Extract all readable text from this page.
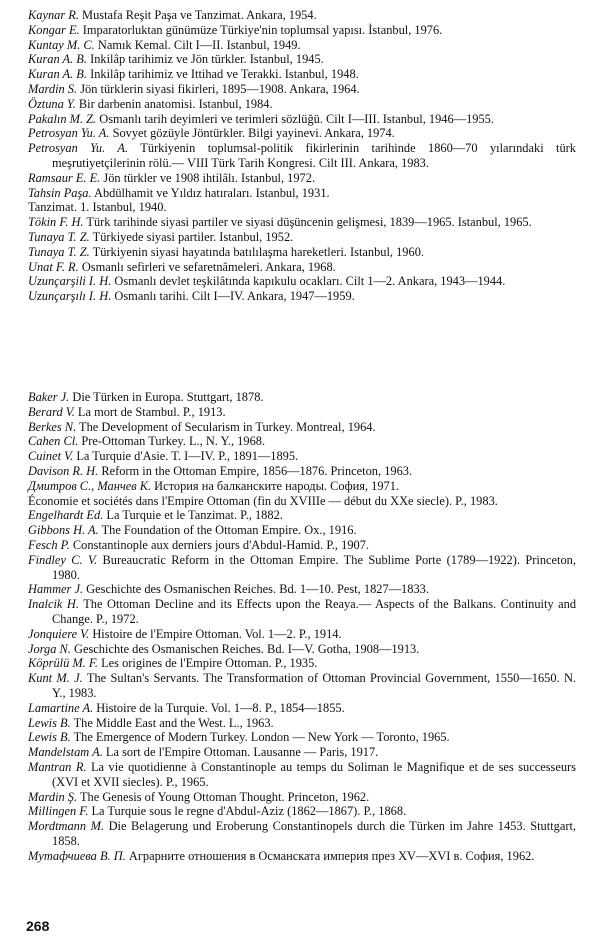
Kaynar R. Mustafa Reşit Paşa ve Tanzimat. Ankara, 1954.
Kongar E. Imparatorluktan günümüze Türkiye'nin toplumsal yapısı. İstanbul, 1976.
Kuntay M. C. Namık Kemal. Cilt I—II. Istanbul, 1949.
Kuran A. B. Inkilâp tarihimiz ve Jön türkler. Istanbul, 1945.
Kuran A. B. Inkilâp tarihimiz ve Ittihad ve Terakki. Istanbul, 1948.
Mardin S. Jön türklerin siyasi fikirleri, 1895—1908. Ankara, 1964.
Öztuna Y. Bir darbenin anatomisi. Istanbul, 1984.
Pakalın M. Z. Osmanlı tarih deyimleri ve terimleri sözlüğü. Cilt I—III. Istanbul, 1946—1955.
Petrosyan Yu. A. Sovyet gözüyle Jöntürkler. Bilgi yayinevi. Ankara, 1974.
Petrosyan Yu. A. Türkiyenin toplumsal-politik fikirlerinin tarihinde 1860—70 yılarındaki türk meşrutiyetçilerinin rölü.— VIII Türk Tarih Kongresi. Cilt III. Ankara, 1983.
Ramsaur E. E. Jön türkler ve 1908 ihtilâlı. Istanbul, 1972.
Tahsin Paşa. Abdülhamit ve Yıldız hatıraları. Istanbul, 1931.
Tanzimat. 1. Istanbul, 1940.
Tökin F. H. Türk tarihinde siyasi partiler ve siyasi düşüncenin gelişmesi, 1839—1965. Istanbul, 1965.
Tunaya T. Z. Türkiyede siyasi partiler. Istanbul, 1952.
Tunaya T. Z. Türkiyenin siyasi hayatında batılılaşma hareketleri. Istanbul, 1960.
Unat F. R. Osmanlı sefirleri ve sefaretnâmeleri. Ankara, 1968.
Uzunçarşili I. H. Osmanlı devlet teşkilâtında kapıkulu ocakları. Cilt 1—2. Ankara, 1943—1944.
Uzunçarşılı I. H. Osmanlı tarihi. Cilt I—IV. Ankara, 1947—1959.
Baker J. Die Türken in Europa. Stuttgart, 1878.
Berard V. La mort de Stambul. P., 1913.
Berkes N. The Development of Secularism in Turkey. Montreal, 1964.
Cahen Cl. Pre-Ottoman Turkey. L., N. Y., 1968.
Cuinet V. La Turquie d'Asie. T. I—IV. P., 1891—1895.
Davison R. H. Reform in the Ottoman Empire, 1856—1876. Princeton, 1963.
Дмитров С., Манчев К. История на балканските народы. София, 1971.
Économie et sociétés dans l'Empire Ottoman (fin du XVIIIe — début du XXe siecle). P., 1983.
Engelhardt Ed. La Turquie et le Tanzimat. P., 1882.
Gibbons H. A. The Foundation of the Ottoman Empire. Ox., 1916.
Fesch P. Constantinople aux derniers jours d'Abdul-Hamid. P., 1907.
Findley C. V. Bureaucratic Reform in the Ottoman Empire. The Sublime Porte (1789—1922). Princeton, 1980.
Hammer J. Geschichte des Osmanischen Reiches. Bd. 1—10. Pest, 1827—1833.
Inalcik H. The Ottoman Decline and its Effects upon the Reaya.— Aspects of the Balkans. Continuity and Change. P., 1972.
Jonquiere V. Histoire de l'Empire Ottoman. Vol. 1—2. P., 1914.
Jorga N. Geschichte des Osmanischen Reiches. Bd. I—V. Gotha, 1908—1913.
Köprülü M. F. Les origines de l'Empire Ottoman. P., 1935.
Kunt M. J. The Sultan's Servants. The Transformation of Ottoman Provincial Government, 1550—1650. N. Y., 1983.
Lamartine A. Histoire de la Turquie. Vol. 1—8. P., 1854—1855.
Lewis B. The Middle East and the West. L., 1963.
Lewis B. The Emergence of Modern Turkey. London — New York — Toronto, 1965.
Mandelstam A. La sort de l'Empire Ottoman. Lausanne — Paris, 1917.
Mantran R. La vie quotidienne à Constantinople au temps du Soliman le Magnifique et de ses successeurs (XVI et XVII siecles). P., 1965.
Mardin Ş. The Genesis of Young Ottoman Thought. Princeton, 1962.
Millingen F. La Turquie sous le regne d'Abdul-Aziz (1862—1867). P., 1868.
Mordtmann M. Die Belagerung und Eroberung Constantinopels durch die Türken im Jahre 1453. Stuttgart, 1858.
Мутафчиева В. П. Аграрните отношения в Османската империя през XV—XVI в. София, 1962.
268
